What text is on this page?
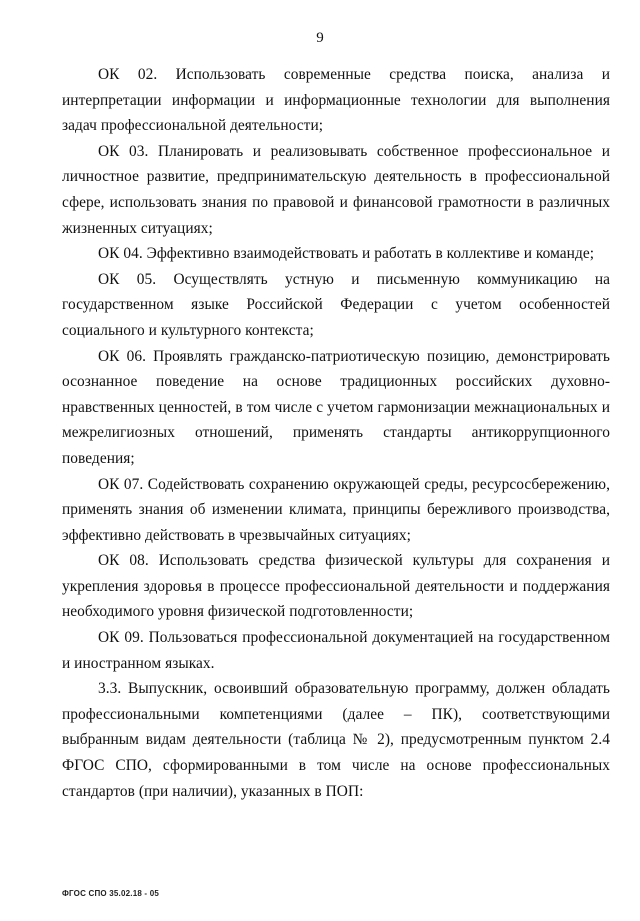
9

ОК 02. Использовать современные средства поиска, анализа и интерпретации информации и информационные технологии для выполнения задач профессиональной деятельности;

ОК 03. Планировать и реализовывать собственное профессиональное и личностное развитие, предпринимательскую деятельность в профессиональной сфере, использовать знания по правовой и финансовой грамотности в различных жизненных ситуациях;

ОК 04. Эффективно взаимодействовать и работать в коллективе и команде;

ОК 05. Осуществлять устную и письменную коммуникацию на государственном языке Российской Федерации с учетом особенностей социального и культурного контекста;

ОК 06. Проявлять гражданско-патриотическую позицию, демонстрировать осознанное поведение на основе традиционных российских духовно-нравственных ценностей, в том числе с учетом гармонизации межнациональных и межрелигиозных отношений, применять стандарты антикоррупционного поведения;

ОК 07. Содействовать сохранению окружающей среды, ресурсосбережению, применять знания об изменении климата, принципы бережливого производства, эффективно действовать в чрезвычайных ситуациях;

ОК 08. Использовать средства физической культуры для сохранения и укрепления здоровья в процессе профессиональной деятельности и поддержания необходимого уровня физической подготовленности;

ОК 09. Пользоваться профессиональной документацией на государственном и иностранном языках.

3.3. Выпускник, освоивший образовательную программу, должен обладать профессиональными компетенциями (далее – ПК), соответствующими выбранным видам деятельности (таблица № 2), предусмотренным пунктом 2.4 ФГОС СПО, сформированными в том числе на основе профессиональных стандартов (при наличии), указанных в ПОП:

ФГОС СПО 35.02.18 - 05
